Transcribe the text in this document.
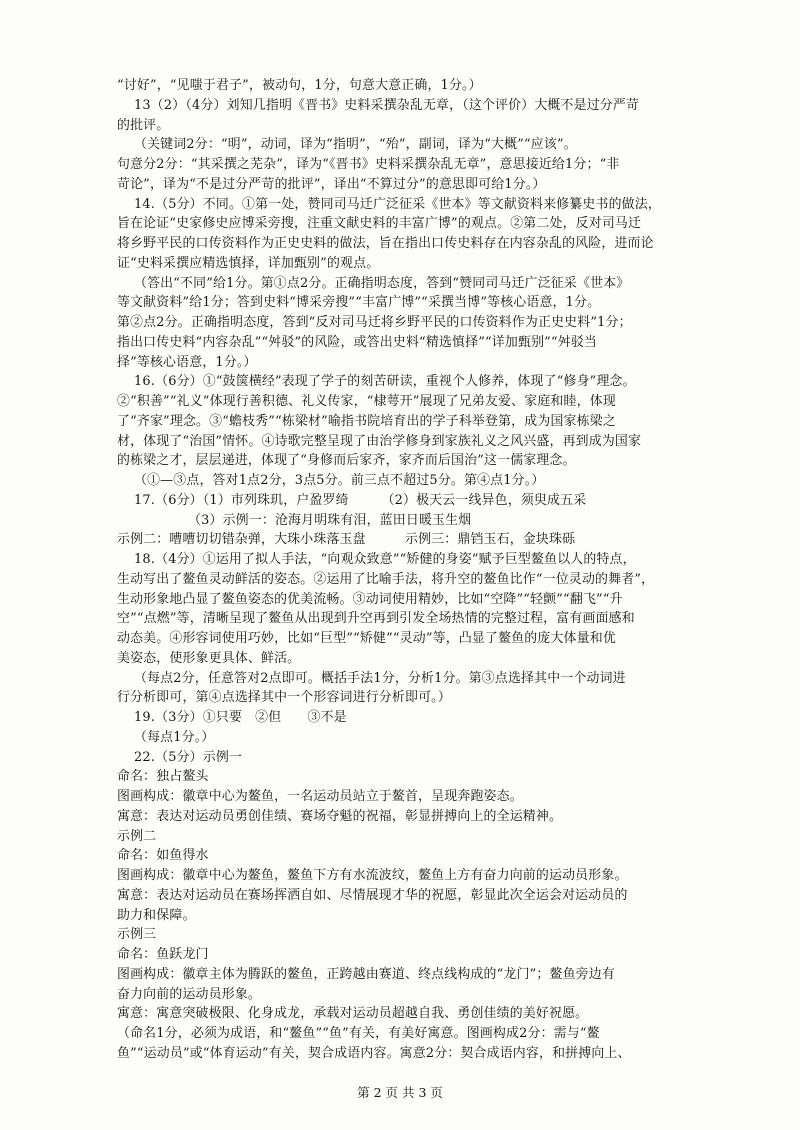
“讨好”，“见嗤于君子”，被动句，1分，句意大意正确，1分。）
13（2）（4分）刘知几指明《晋书》史料采撰杂乱无章，（这个评价）大概不是过分严苛
的批评。
（关键词2分：“明”，动词，译为“指明”，“殆”，副词，译为“大概”“应该”。
句意分2分：“其采撰之芜杂”，译为“《晋书》史料采撰杂乱无章”，意思接近给1分；“非
苛论”，译为“不是过分严苛的批评”，译出“不算过分”的意思即可给1分。）
14.（5分）不同。①第一处，赞同司马迁广泛征采《世本》等文献资料来修纂史书的做法，
旨在论证“史家修史应博采旁搜，注重文献史料的丰富广博”的观点。②第二处，反对司马迁
将乡野平民的口传资料作为正史史料的做法，旨在指出口传史料存在内容杂乱的风险，进而论
证“史料采撰应精选慎择，详加甄别”的观点。
（答出“不同”给1分。第①点2分。正确指明态度，答到“赞同司马迁广泛征采《世本》
等文献资料”给1分；答到史料“博采旁搜”“丰富广博”“采撰当博”等核心语意，1分。
第②点2分。正确指明态度，答到“反对司马迁将乡野平民的口传资料作为正史史料”1分；
指出口传史料“内容杂乱”“舛驳”的风险，或答出史料“精选慎择”“详加甄别”“舛驳当
择”等核心语意，1分。）
16.（6分）①“鼓箧横经”表现了学子的刻苦研读，重视个人修养，体现了“修身”理念。
②“积善”“礼义”体现行善积德、礼义传家，“棣萼开”展现了兄弟友爱、家庭和睦，体现
了“齐家”理念。③“蟾枝秀”“栋梁材”喻指书院培育出的学子科举登第，成为国家栋梁之
材，体现了“治国”情怀。④诗歌完整呈现了由治学修身到家族礼义之风兴盛，再到成为国家
的栋梁之才，层层递进，体现了“身修而后家齐，家齐而后国治”这一儒家理念。
（①—③点，答对1点2分，3点5分。前三点不超过5分。第④点1分。）
17.（6分）（1）市列珠玑，户盈罗绮　　　（2）极天云一线异色，须臾成五采
（3）示例一：沧海月明珠有泪，蓝田日暖玉生烟
示例二：嘈嘈切切错杂弹，大珠小珠落玉盘　　　示例三：鼎铛玉石，金块珠砾
18.（4分）①运用了拟人手法，“向观众致意”“矫健的身姿”赋予巨型鳌鱼以人的特点，
生动写出了鳌鱼灵动鲜活的姿态。②运用了比喻手法，将升空的鳌鱼比作“一位灵动的舞者”，
生动形象地凸显了鳌鱼姿态的优美流畅。③动词使用精妙，比如“空降”“轻颤”“翻飞”“升
空”“点燃”等，清晰呈现了鳌鱼从出现到升空再到引发全场热情的完整过程，富有画面感和
动态美。④形容词使用巧妙，比如“巨型”“矫健”“灵动”等，凸显了鳌鱼的庞大体量和优
美姿态，使形象更具体、鲜活。
（每点2分，任意答对2点即可。概括手法1分，分析1分。第③点选择其中一个动词进
行分析即可，第④点选择其中一个形容词进行分析即可。）
19.（3分）①只要　②但　　③不是
（每点1分。）
22.（5分）示例一
命名：独占鳌头
图画构成：徽章中心为鳌鱼，一名运动员站立于鳌首，呈现奔跑姿态。
寓意：表达对运动员勇创佳绩、赛场夺魁的祝福，彰显拼搏向上的全运精神。
示例二
命名：如鱼得水
图画构成：徽章中心为鳌鱼，鳌鱼下方有水流波纹，鳌鱼上方有奋力向前的运动员形象。
寓意：表达对运动员在赛场挥洒自如、尽情展现才华的祝愿，彰显此次全运会对运动员的
助力和保障。
示例三
命名：鱼跃龙门
图画构成：徽章主体为腾跃的鳌鱼，正跨越由赛道、终点线构成的“龙门”；鳌鱼旁边有
奋力向前的运动员形象。
寓意：寓意突破极限、化身成龙，承载对运动员超越自我、勇创佳绩的美好祝愿。
（命名1分，必须为成语，和“鳌鱼”“鱼”有关，有美好寓意。图画构成2分：需与“鳌
鱼”“运动员”或“体育运动”有关，契合成语内容。寓意2分：契合成语内容，和拼搏向上、
第 2 页 共 3 页
